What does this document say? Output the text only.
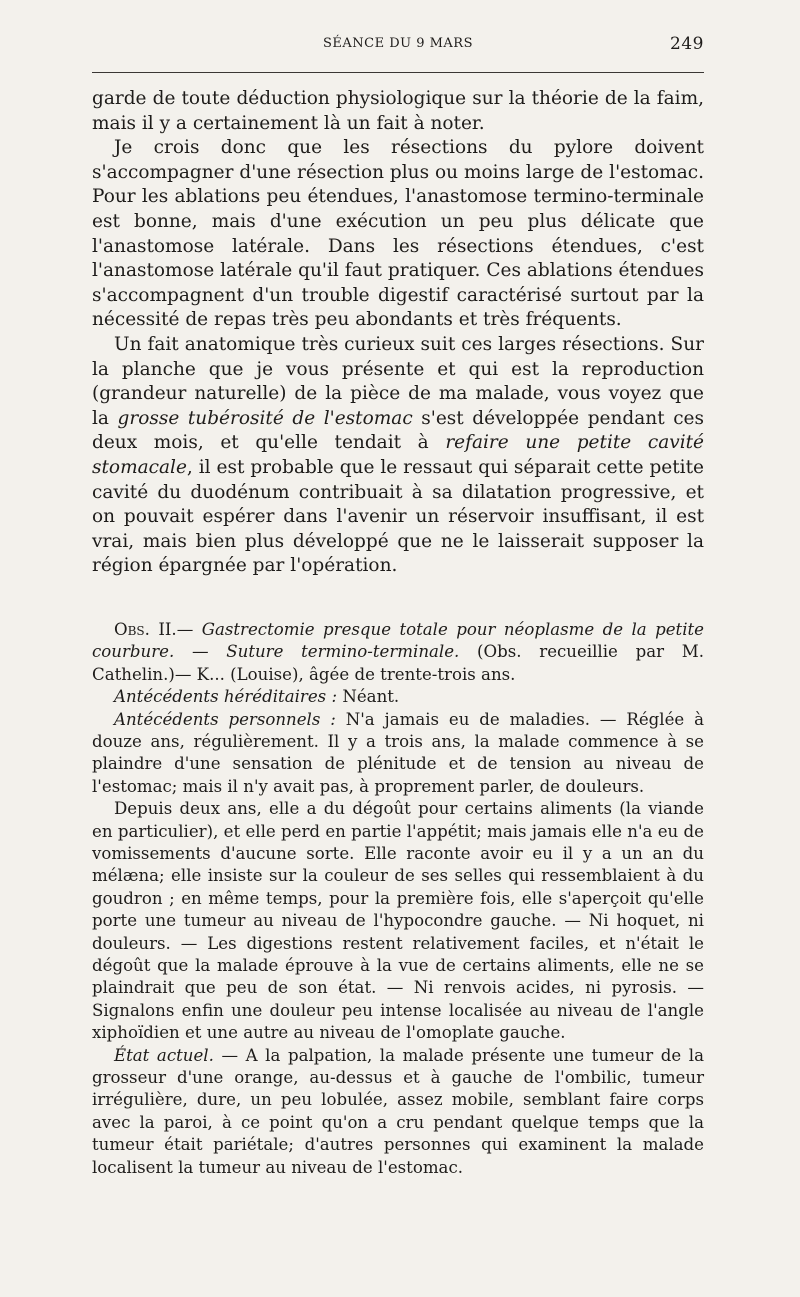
SÉANCE DU 9 MARS	249

garde de toute déduction physiologique sur la théorie de la faim, mais il y a certainement là un fait à noter.

Je crois donc que les résections du pylore doivent s'accompagner d'une résection plus ou moins large de l'estomac. Pour les ablations peu étendues, l'anastomose termino-terminale est bonne, mais d'une exécution un peu plus délicate que l'anastomose latérale. Dans les résections étendues, c'est l'anastomose latérale qu'il faut pratiquer. Ces ablations étendues s'accompagnent d'un trouble digestif caractérisé surtout par la nécessité de repas très peu abondants et très fréquents.

Un fait anatomique très curieux suit ces larges résections. Sur la planche que je vous présente et qui est la reproduction (grandeur naturelle) de la pièce de ma malade, vous voyez que la grosse tubérosité de l'estomac s'est développée pendant ces deux mois, et qu'elle tendait à refaire une petite cavité stomacale, il est probable que le ressaut qui séparait cette petite cavité du duodénum contribuait à sa dilatation progressive, et on pouvait espérer dans l'avenir un réservoir insuffisant, il est vrai, mais bien plus développé que ne le laisserait supposer la région épargnée par l'opération.

Obs. II.— Gastrectomie presque totale pour néoplasme de la petite courbure. — Suture termino-terminale. (Obs. recueillie par M. Cathelin.)— K... (Louise), âgée de trente-trois ans.

Antécédents héréditaires : Néant.

Antécédents personnels : N'a jamais eu de maladies. — Réglée à douze ans, régulièrement. Il y a trois ans, la malade commence à se plaindre d'une sensation de plénitude et de tension au niveau de l'estomac; mais il n'y avait pas, à proprement parler, de douleurs.

Depuis deux ans, elle a du dégoût pour certains aliments (la viande en particulier), et elle perd en partie l'appétit; mais jamais elle n'a eu de vomissements d'aucune sorte. Elle raconte avoir eu il y a un an du mélæna; elle insiste sur la couleur de ses selles qui ressemblaient à du goudron ; en même temps, pour la première fois, elle s'aperçoit qu'elle porte une tumeur au niveau de l'hypocondre gauche. — Ni hoquet, ni douleurs. — Les digestions restent relativement faciles, et n'était le dégoût que la malade éprouve à la vue de certains aliments, elle ne se plaindrait que peu de son état. — Ni renvois acides, ni pyrosis. — Signalons enfin une douleur peu intense localisée au niveau de l'angle xiphoïdien et une autre au niveau de l'omoplate gauche.

État actuel. — A la palpation, la malade présente une tumeur de la grosseur d'une orange, au-dessus et à gauche de l'ombilic, tumeur irrégulière, dure, un peu lobulée, assez mobile, semblant faire corps avec la paroi, à ce point qu'on a cru pendant quelque temps que la tumeur était pariétale; d'autres personnes qui examinent la malade localisent la tumeur au niveau de l'estomac.
